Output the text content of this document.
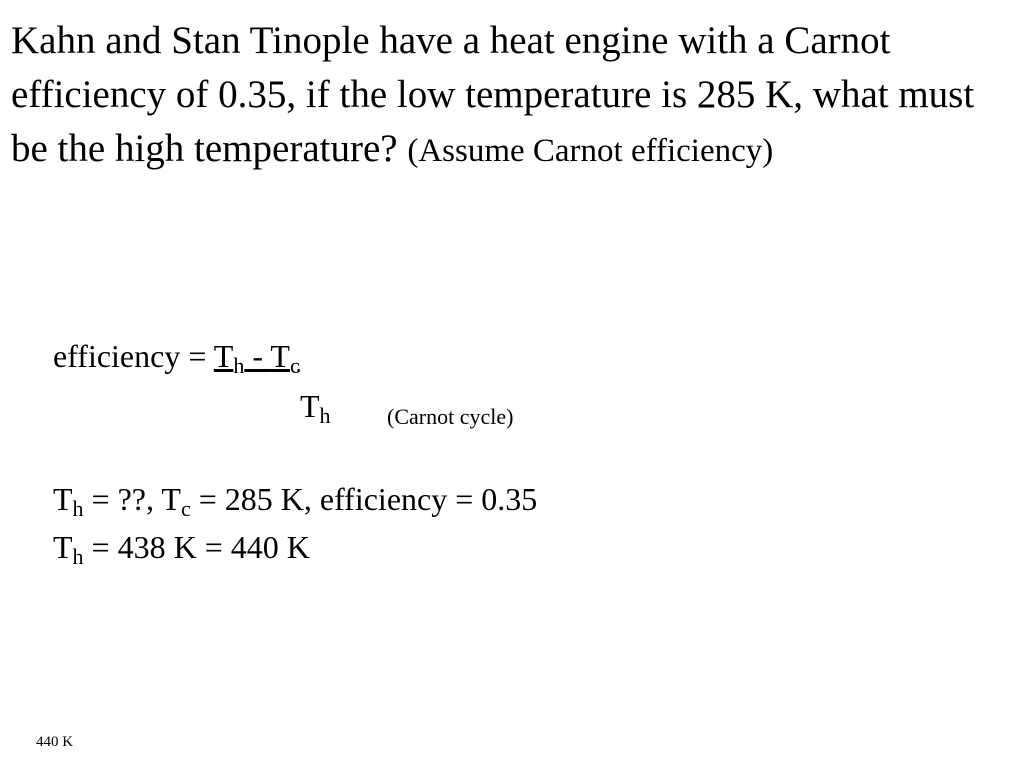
Kahn and Stan Tinople have a heat engine with a Carnot efficiency of 0.35, if the low temperature is 285 K, what must be the high temperature? (Assume Carnot efficiency)

efficiency = $T_h - T_c$
$T_h$	(Carnot cycle)
$T_h$ = ??, $T_c = 285$ K, efficiency = 0.35
$T_h = 438$ K = 440 K
440 K
